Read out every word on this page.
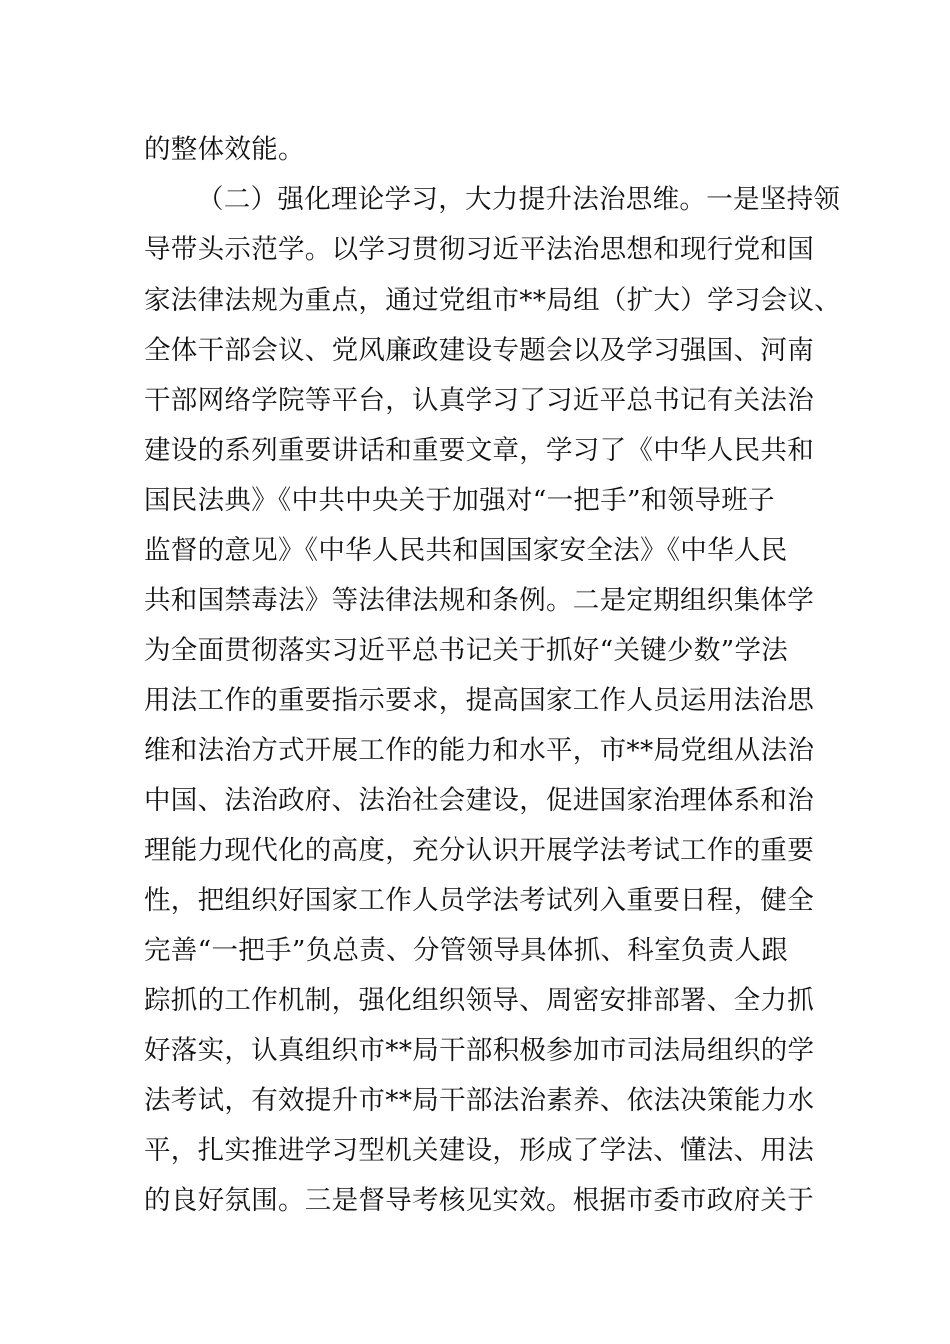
的整体效能。
（二）强化理论学习，大力提升法治思维。一是坚持领
导带头示范学。以学习贯彻习近平法治思想和现行党和国
家法律法规为重点，通过党组市**局组（扩大）学习会议、
全体干部会议、党风廉政建设专题会以及学习强国、河南
干部网络学院等平台，认真学习了习近平总书记有关法治
建设的系列重要讲话和重要文章，学习了《中华人民共和
国民法典》《中共中央关于加强对“一把手”和领导班子
监督的意见》《中华人民共和国国家安全法》《中华人民
共和国禁毒法》等法律法规和条例。二是定期组织集体学
为全面贯彻落实习近平总书记关于抓好“关键少数”学法
用法工作的重要指示要求，提高国家工作人员运用法治思
维和法治方式开展工作的能力和水平，市**局党组从法治
中国、法治政府、法治社会建设，促进国家治理体系和治
理能力现代化的高度，充分认识开展学法考试工作的重要
性，把组织好国家工作人员学法考试列入重要日程，健全
完善“一把手”负总责、分管领导具体抓、科室负责人跟
踪抓的工作机制，强化组织领导、周密安排部署、全力抓
好落实，认真组织市**局干部积极参加市司法局组织的学
法考试，有效提升市**局干部法治素养、依法决策能力水
平，扎实推进学习型机关建设，形成了学法、懂法、用法
的良好氛围。三是督导考核见实效。根据市委市政府关于
